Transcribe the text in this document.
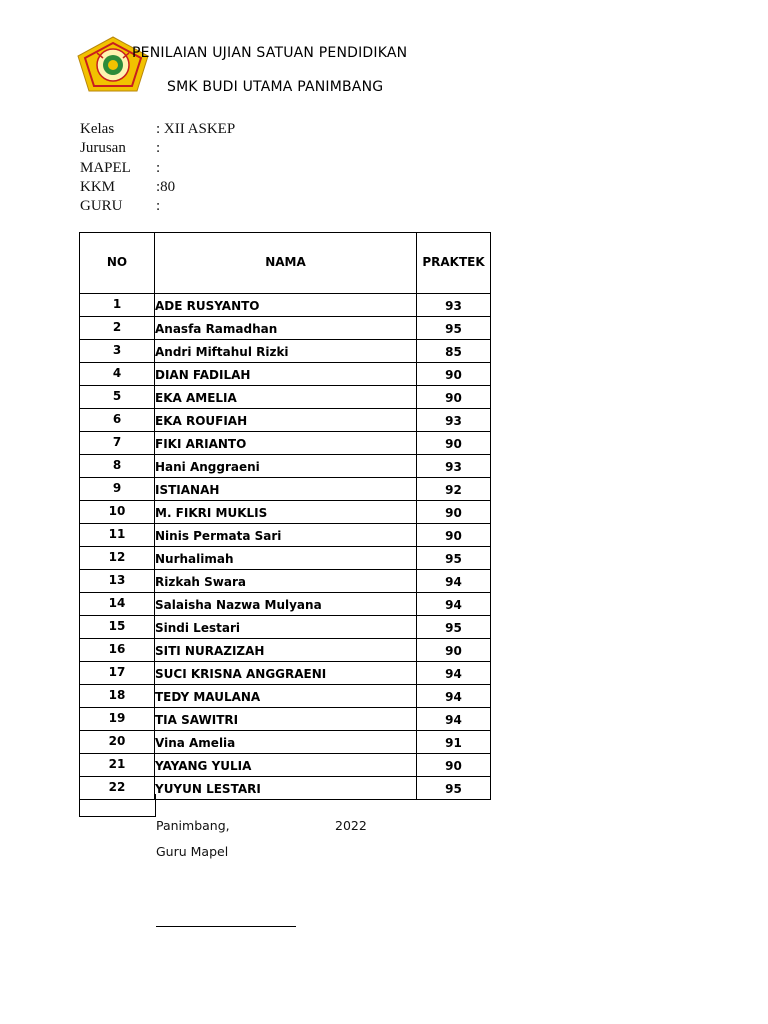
PENILAIAN UJIAN SATUAN PENDIDIKAN
SMK BUDI UTAMA PANIMBANG
Kelas	: XII ASKEP
Jurusan :
MAPEL :
KKM	:80
GURU :
NO	NAMA	PRAKTEK
1	ADE RUSYANTO	93
2	Anasfa Ramadhan	95
3	Andri Miftahul Rizki	85
4	DIAN FADILAH	90
5	EKA AMELIA	90
6	EKA ROUFIAH	93
7	FIKI ARIANTO	90
8	Hani Anggraeni	93
9	ISTIANAH	92
10	M. FIKRI MUKLIS	90
11	Ninis Permata Sari	90
12	Nurhalimah	95
13	Rizkah Swara	94
14	Salaisha Nazwa Mulyana	94
15	Sindi Lestari	95
16	SITI NURAZIZAH	90
17	SUCI KRISNA ANGGRAENI	94
18	TEDY MAULANA	94
19	TIA SAWITRI	94
20	Vina Amelia	91
21	YAYANG YULIA	90
22	YUYUN LESTARI	95
Panimbang,	2022
Guru Mapel
